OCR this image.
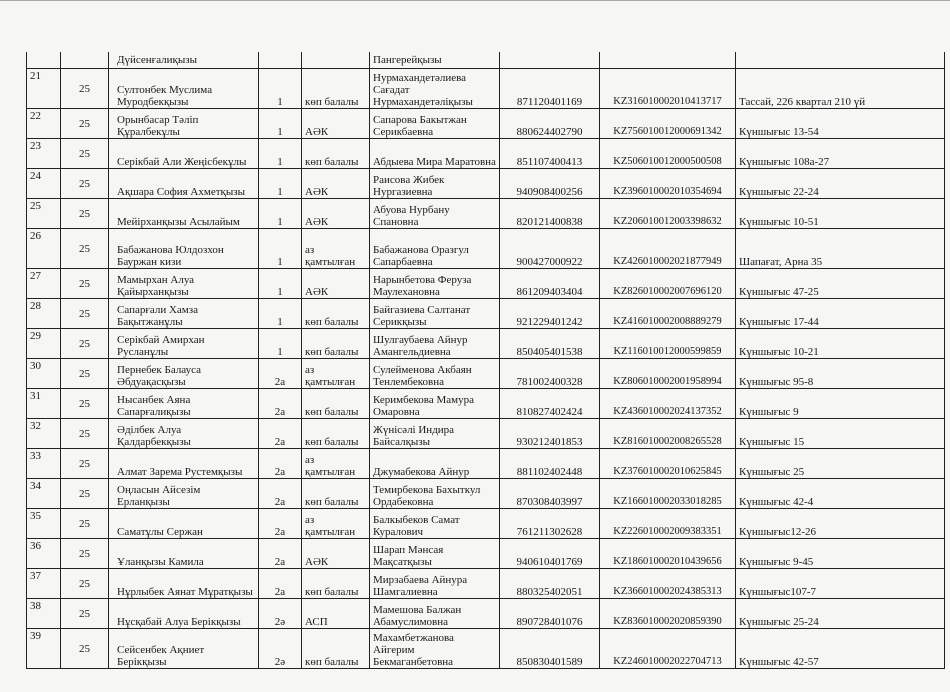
		Дүйсенғалиқызы			Пангерейқызы			
21	25	Султонбек Муслима Муродбекқызы	1	көп балалы	Нурмахандетәлиева Сағадат Нурмахандетәліқызы	871120401169	KZ316010002010413717	Тассай, 226 квартал 210 үй
22	25	Орынбасар Тәліп Құралбекұлы	1	АӘК	Сапарова Бакытжан Серикбаевна	880624402790	KZ756010012000691342	Күншығыс 13-54
23	25	Серікбай Али Жеңісбекұлы	1	көп балалы	Абдыева Мира Маратовна	851107400413	KZ506010012000500508	Күншығыс 108а-27
24	25	Ақшара София Ахметқызы	1	АӘК	Раисова Жибек Нургазиевна	940908400256	KZ396010002010354694	Күншығыс 22-24
25	25	Мейірханқызы Асылайым	1	АӘК	Абуова Нурбану Спановна	820121400838	KZ206010012003398632	Күншығыс 10-51
26	25	Бабажанова Юлдозхон Бауржан кизи	1	аз қамтылған	Бабажанова Оразгул Сапарбаевна	900427000922	KZ426010002021877949	Шапағат, Арна 35
27	25	Мамырхан Алуа Қайырханқызы	1	АӘК	Нарынбетова Феруза Маулехановна	861209403404	KZ826010002007696120	Күншығыс 47-25
28	25	Сапарғали Хамза Бақытжанұлы	1	көп балалы	Байгазиева Салтанат Серикқызы	921229401242	KZ416010002008889279	Күншығыс 17-44
29	25	Серікбай Амирхан Русланұлы	1	көп балалы	Шулгаубаева Айнур Амангельдиевна	850405401538	KZ116010012000599859	Күншығыс 10-21
30	25	Пернебек Балауса Әбдуақасқызы	2а	аз қамтылған	Сулеймeнова Акбаян Тенлембековна	781002400328	KZ806010002001958994	Күншығыс 95-8
31	25	Нысанбек Аяна Сапарғалиқызы	2а	көп балалы	Керимбекова Мамура Омаровна	810827402424	KZ436010002024137352	Күншығыс 9
32	25	Әділбек Алуа Қалдарбекқызы	2а	көп балалы	Жүнісәлі Индира Байсалқызы	930212401853	KZ816010002008265528	Күншығыс 15
33	25	Алмат Зарема Рустемқызы	2а	аз қамтылған	Джумабекова Айнур	881102402448	KZ376010002010625845	Күншығыс 25
34	25	Оңласын Айсезім Ерланқызы	2а	көп балалы	Темирбекова Бахыткул Ордабековна	870308403997	KZ166010002033018285	Күншығыс 42-4
35	25	Саматұлы Сержан	2а	аз қамтылған	Балкыбеков Самат Куралович	761211302628	KZ226010002009383351	Күншығыс12-26
36	25	Ұланқызы Камила	2а	АӘК	Шарап Мәнсая Мақсатқызы	940610401769	KZ186010002010439656	Күншығыс 9-45
37	25	Нұрлыбек Аянат Мұратқызы	2а	көп балалы	Мирзабаева Айнура Шамгалиевна	880325402051	KZ366010002024385313	Күншығыс107-7
38	25	Нұсқабай Алуа Берікқызы	2ә	АСП	Мамешова Балжан Абамуслимовна	890728401076	KZ836010002020859390	Күншығыс 25-24
39	25	Сейсенбек Ақниет Берікқызы	2ә	көп балалы	Махамбетжанова Айгерим Бекмаганбетовна	850830401589	KZ246010002022704713	Күншығыс 42-57
